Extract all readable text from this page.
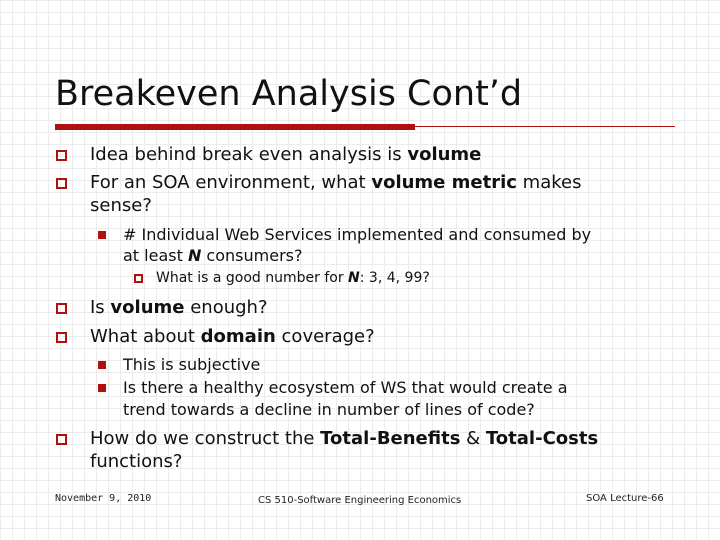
Breakeven Analysis Cont’d
Idea behind break even analysis is volume
For an SOA environment, what volume metric makes
sense?
# Individual Web Services implemented and consumed by
at least N consumers?
What is a good number for N: 3, 4, 99?
Is volume enough?
What about domain coverage?
This is subjective
Is there a healthy ecosystem of WS that would create a
trend towards a decline in number of lines of code?
How do we construct the Total-Benefits & Total-Costs
functions?
November 9, 2010	CS 510-Software Engineering Economics	SOA Lecture-66
